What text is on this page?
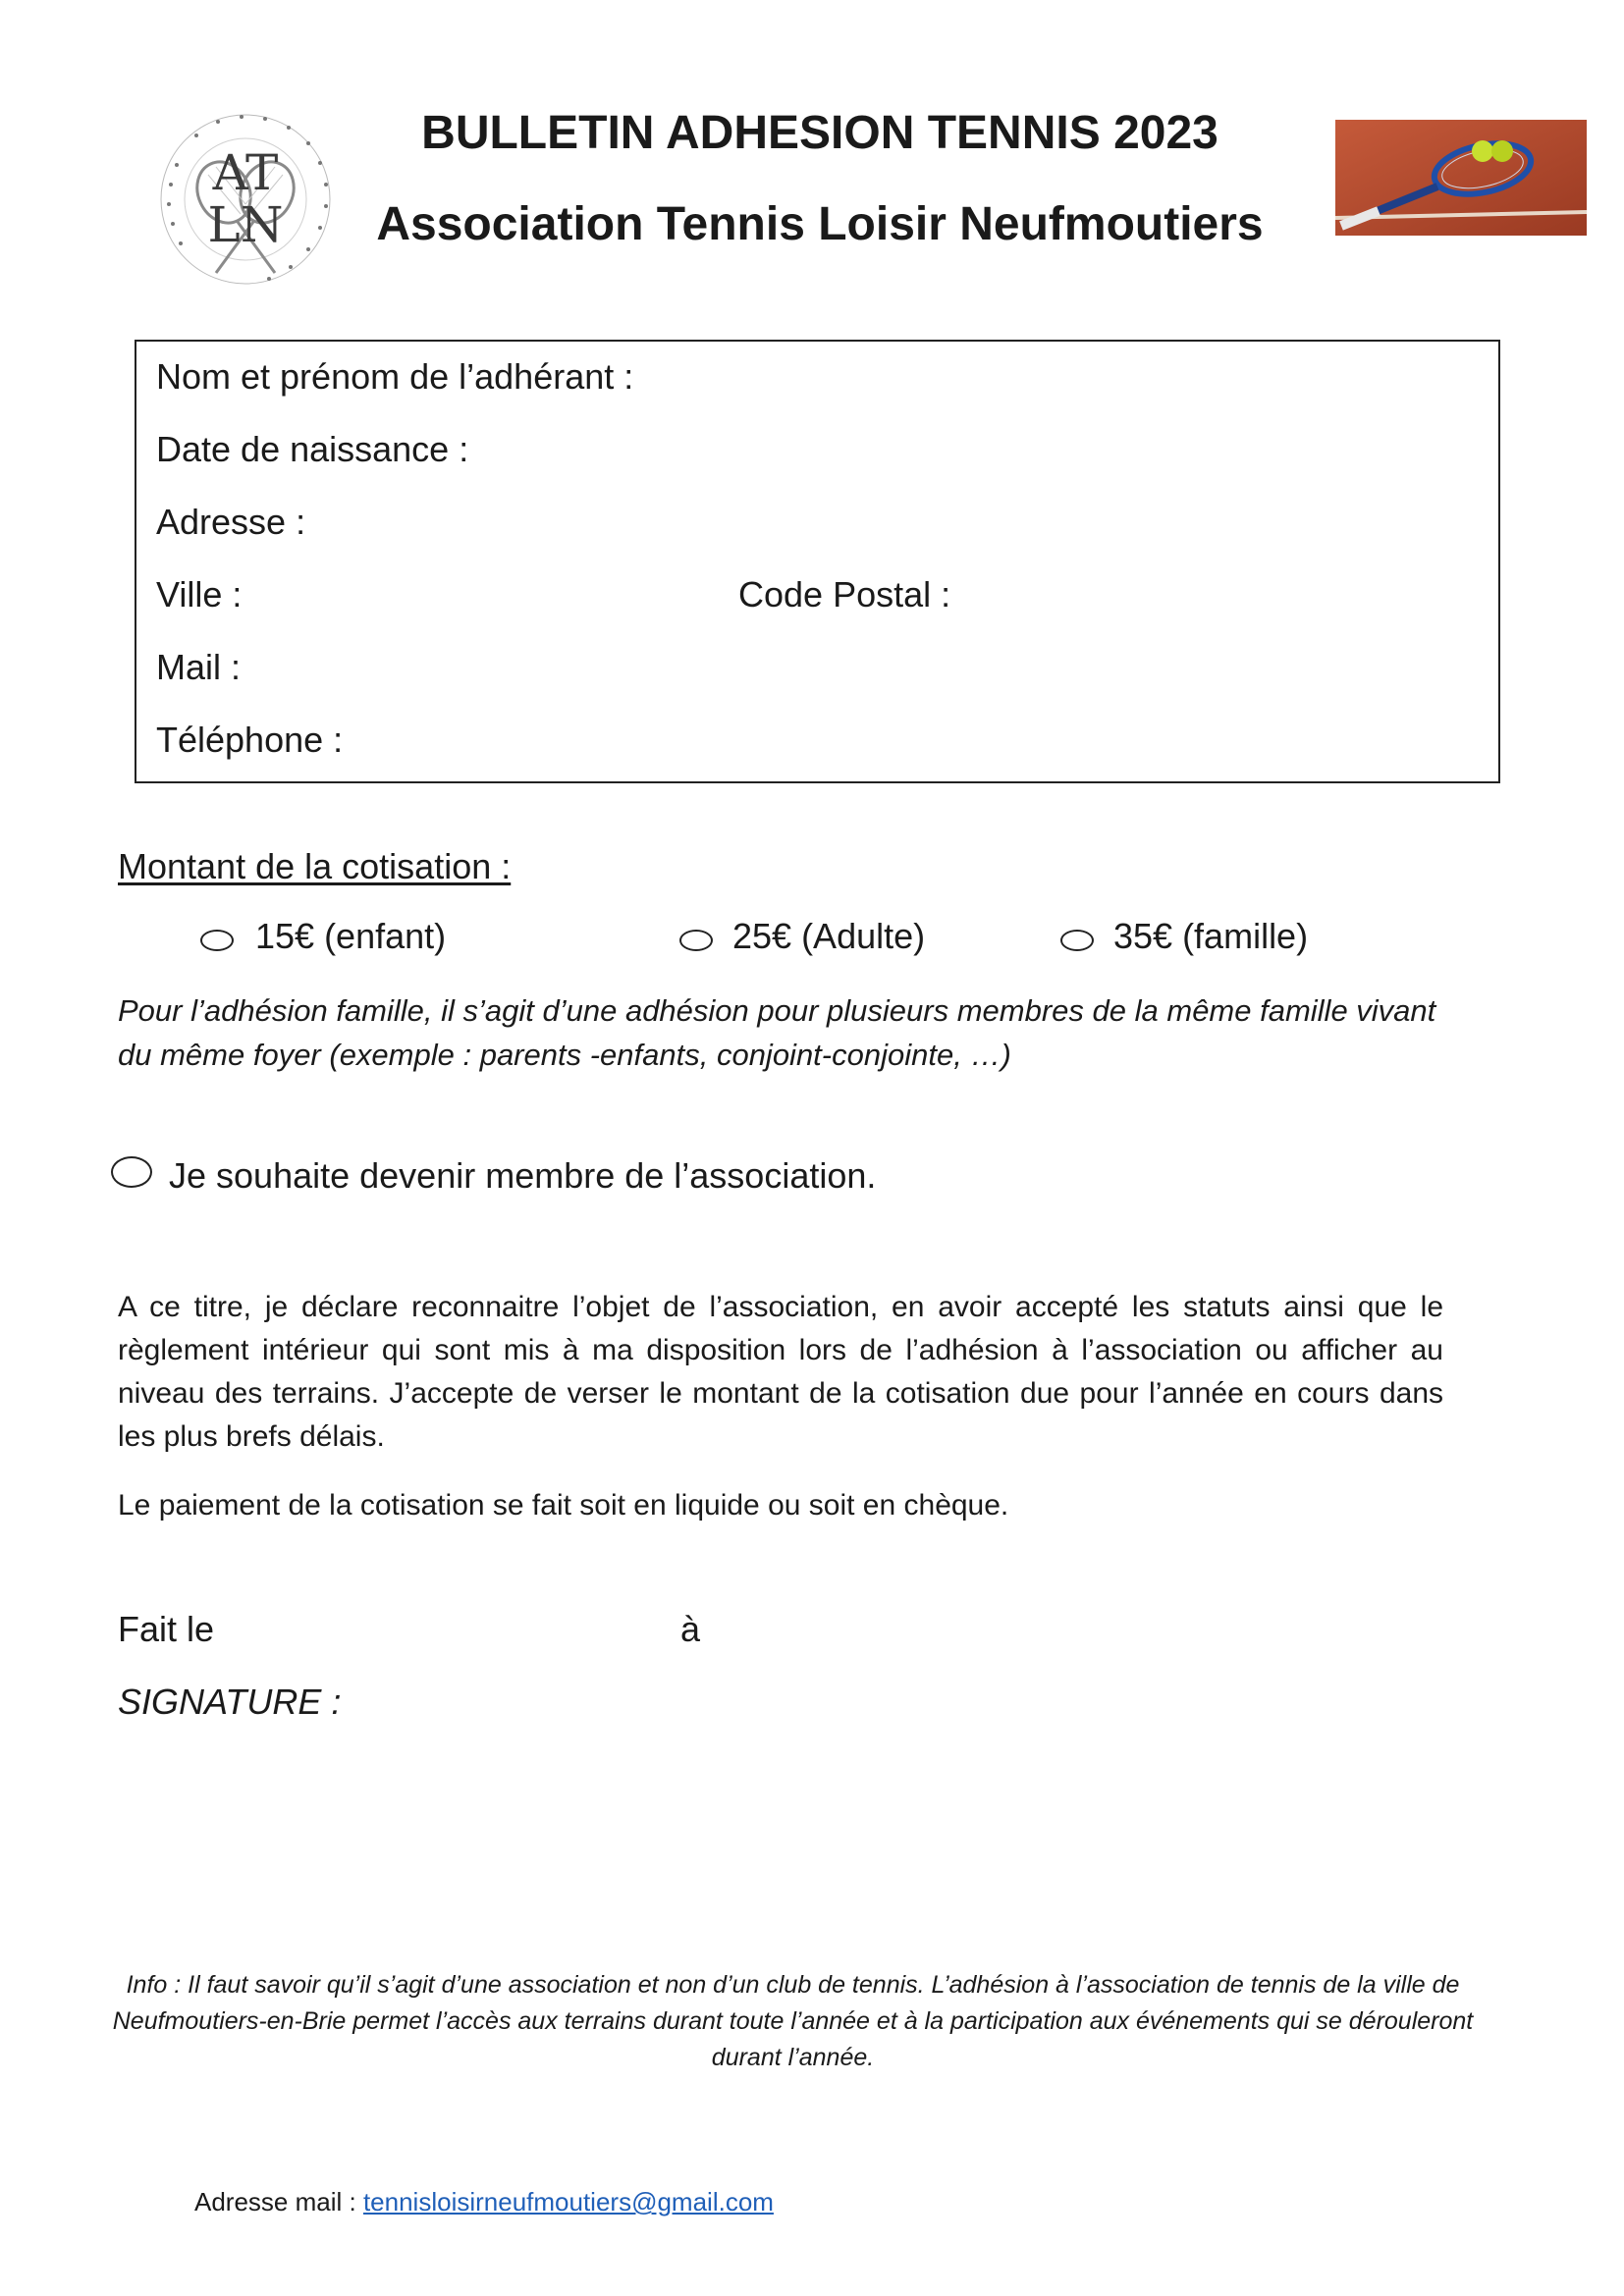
AT
LN
BULLETIN ADHESION TENNIS 2023
Association Tennis Loisir Neufmoutiers
Nom et prénom de l’adhérant :
Date de naissance :
Adresse :
Ville :	Code Postal :
Mail :
Téléphone :
Montant de la cotisation :
15€ (enfant)	25€ (Adulte)	35€ (famille)
Pour l’adhésion famille, il s’agit d’une adhésion pour plusieurs membres de la même famille vivant du même foyer (exemple : parents -enfants, conjoint-conjointe, …)
Je souhaite devenir membre de l’association.
A ce titre, je déclare reconnaitre l’objet de l’association, en avoir accepté les statuts ainsi que le règlement intérieur qui sont mis à ma disposition lors de l’adhésion à l’association ou afficher au niveau des terrains. J’accepte de verser le montant de la cotisation due pour l’année en cours dans les plus brefs délais.
Le paiement de la cotisation se fait soit en liquide ou soit en chèque.
Fait le	à
SIGNATURE :
Info : Il faut savoir qu’il s’agit d’une association et non d’un club de tennis. L’adhésion à l’association de tennis de la ville de Neufmoutiers-en-Brie permet l’accès aux terrains durant toute l’année et à la participation aux événements qui se dérouleront durant l’année.
Adresse mail : tennisloisirneufmoutiers@gmail.com
